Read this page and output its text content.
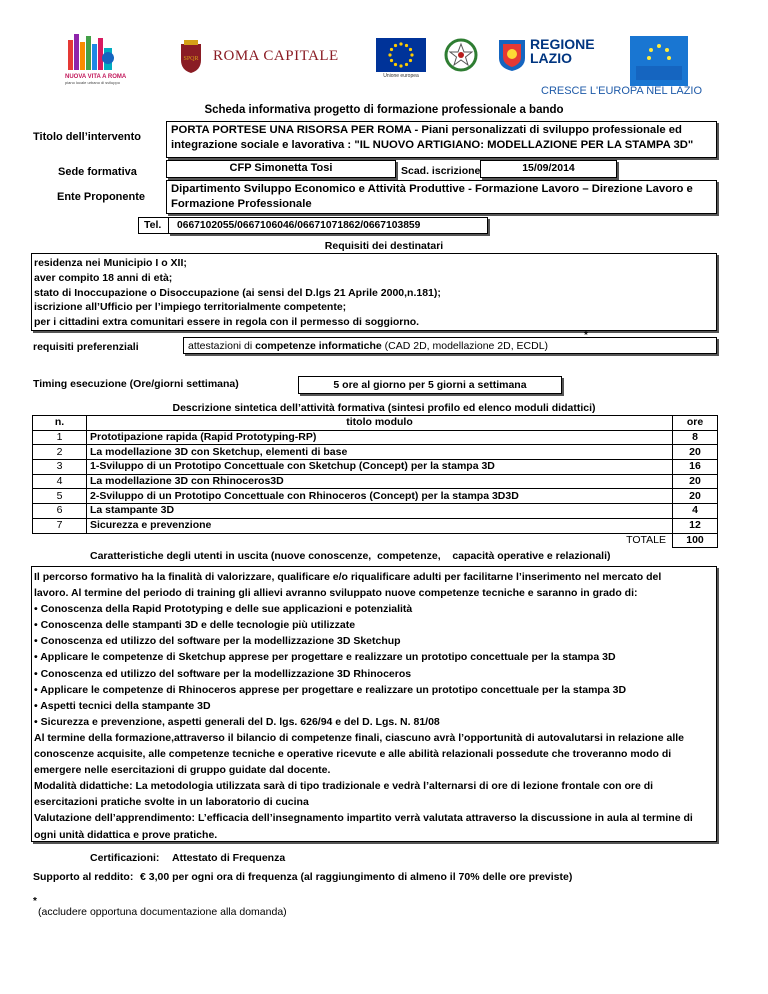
NUOVA VITA A ROMA
piano locale urbano di sviluppo
SPQR ROMA CAPITALE
Unione europea
REGIONE
LAZIO
CRESCE L'EUROPA NEL LAZIO
Scheda informativa progetto di formazione professionale a bando
Titolo dell’intervento
PORTA PORTESE UNA RISORSA PER ROMA - Piani personalizzati di sviluppo professionale ed integrazione sociale e lavorativa : "IL NUOVO ARTIGIANO: MODELLAZIONE PER LA STAMPA 3D"
Sede formativa	CFP Simonetta Tosi	Scad. iscrizione	15/09/2014
Ente Proponente
Dipartimento Sviluppo Economico e Attività Produttive - Formazione Lavoro – Direzione Lavoro e Formazione Professionale
Tel.	0667102055/0667106046/06671071862/0667103859
Requisiti dei destinatari
residenza nei Municipio I o XII;
aver compito 18 anni di età;
stato di Inoccupazione o Disoccupazione (ai sensi del D.lgs 21 Aprile 2000,n.181);
iscrizione all’Ufficio per l’impiego territorialmente competente;
per i cittadini extra comunitari essere in regola con il permesso di soggiorno.
requisiti preferenziali	attestazioni di competenze informatiche (CAD 2D, modellazione 2D, ECDL)
*
Timing esecuzione (Ore/giorni settimana)	5 ore al giorno per 5 giorni a settimana
Descrizione sintetica dell’attività formativa (sintesi profilo ed elenco moduli didattici)
n.	titolo modulo	ore
1	Prototipazione rapida (Rapid Prototyping-RP)	8
2	La modellazione 3D con Sketchup, elementi di base	20
3	1-Sviluppo di un Prototipo Concettuale con Sketchup (Concept) per la stampa 3D	16
4	La modellazione 3D con Rhinoceros3D	20
5	2-Sviluppo di un Prototipo Concettuale con Rhinoceros (Concept) per la stampa 3D3D	20
6	La stampante 3D	4
7	Sicurezza e prevenzione	12
	TOTALE	100
Caratteristiche degli utenti in uscita (nuove conoscenze,  competenze,    capacità operative e relazionali)
Il percorso formativo ha la finalità di valorizzare, qualificare e/o riqualificare adulti per facilitarne l’inserimento nel mercato del
lavoro. Al termine del periodo di training gli allievi avranno sviluppato nuove competenze tecniche e saranno in grado di:
• Conoscenza della Rapid Prototyping e delle sue applicazioni e potenzialità
• Conoscenza delle stampanti 3D e delle tecnologie più utilizzate
• Conoscenza ed utilizzo del software per la modellizzazione 3D Sketchup
• Applicare le competenze di Sketchup apprese per progettare e realizzare un prototipo concettuale per la stampa 3D
• Conoscenza ed utilizzo del software per la modellizzazione 3D Rhinoceros
• Applicare le competenze di Rhinoceros apprese per progettare e realizzare un prototipo concettuale per la stampa 3D
• Aspetti tecnici della stampante 3D
• Sicurezza e prevenzione, aspetti generali del D. lgs. 626/94 e del D. Lgs. N. 81/08
Al termine della formazione,attraverso il bilancio di competenze finali, ciascuno avrà l’opportunità di autovalutarsi in relazione alle
conoscenze acquisite, alle competenze tecniche e operative ricevute e alle abilità relazionali possedute che troveranno modo di
emergere nelle esercitazioni di gruppo guidate dal docente.
Modalità didattiche: La metodologia utilizzata sarà di tipo tradizionale e vedrà l’alternarsi di ore di lezione frontale con ore di
esercitazioni pratiche svolte in un laboratorio di cucina
Valutazione dell’apprendimento: L’efficacia dell’insegnamento impartito verrà valutata attraverso la discussione in aula al termine di
ogni unità didattica e prove pratiche.
Certificazioni: Attestato di Frequenza
Supporto al reddito: € 3,00 per ogni ora di frequenza (al raggiungimento di almeno il 70% delle ore previste)
*
(accludere opportuna documentazione alla domanda)
